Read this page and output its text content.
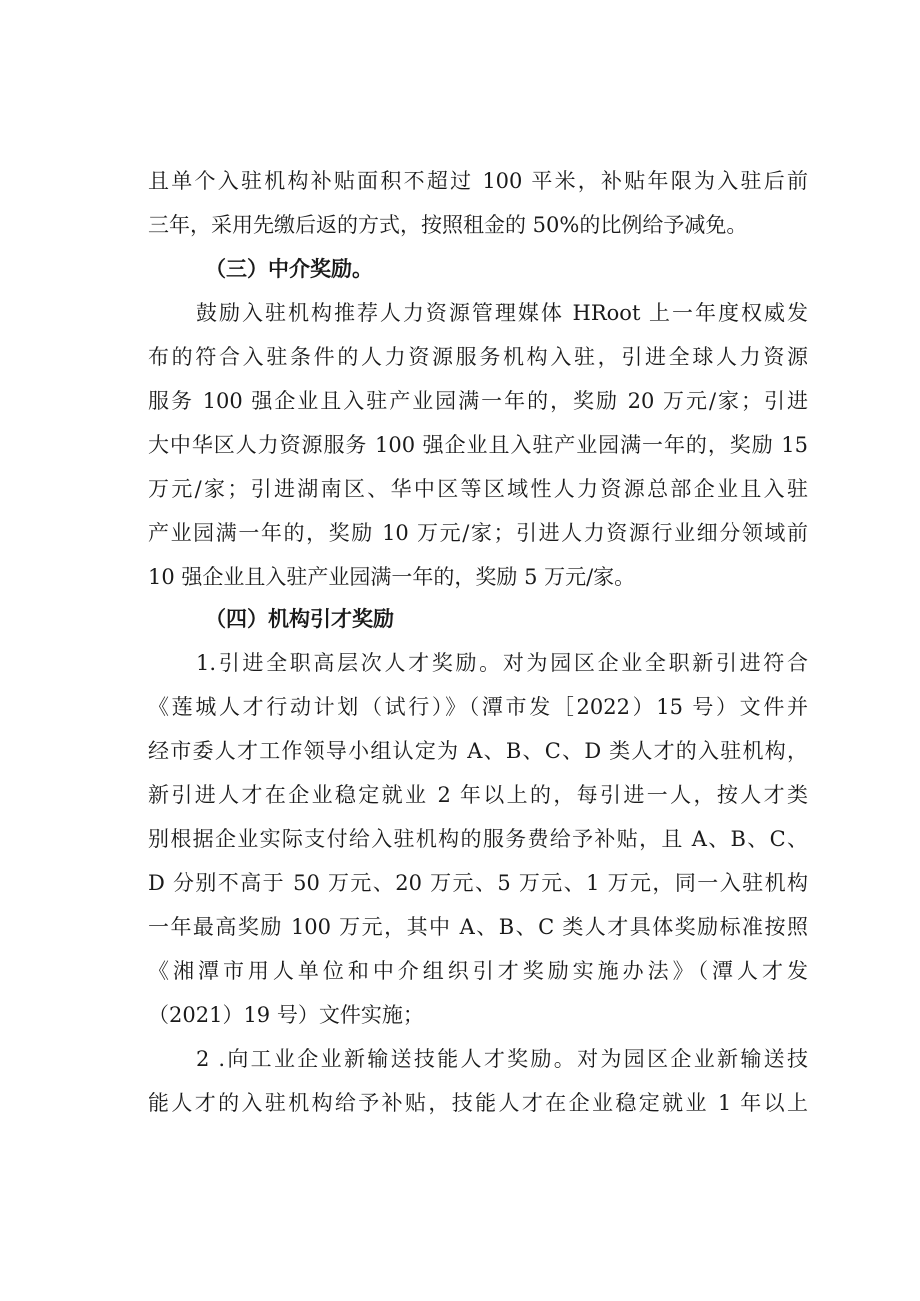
且单个入驻机构补贴面积不超过 100 平米，补贴年限为入驻后前
三年，采用先缴后返的方式，按照租金的 50%的比例给予减免。
（三）中介奖励。
鼓励入驻机构推荐人力资源管理媒体 HRoot 上一年度权威发
布的符合入驻条件的人力资源服务机构入驻，引进全球人力资源
服务 100 强企业且入驻产业园满一年的，奖励 20 万元/家；引进
大中华区人力资源服务 100 强企业且入驻产业园满一年的，奖励 15
万元/家；引进湖南区、华中区等区域性人力资源总部企业且入驻
产业园满一年的，奖励 10 万元/家；引进人力资源行业细分领域前
10 强企业且入驻产业园满一年的，奖励 5 万元/家。
（四）机构引才奖励
1.引进全职高层次人才奖励。对为园区企业全职新引进符合
《莲城人才行动计划（试行）》（潭市发［2022）15 号）文件并
经市委人才工作领导小组认定为 A、B、C、D 类人才的入驻机构，
新引进人才在企业稳定就业 2 年以上的，每引进一人，按人才类
别根据企业实际支付给入驻机构的服务费给予补贴，且 A、B、C、
D 分别不高于 50 万元、20 万元、5 万元、1 万元，同一入驻机构
一年最高奖励 100 万元，其中 A、B、C 类人才具体奖励标准按照
《湘潭市用人单位和中介组织引才奖励实施办法》（潭人才发
（2021）19 号）文件实施；
2 .向工业企业新输送技能人才奖励。对为园区企业新输送技
能人才的入驻机构给予补贴，技能人才在企业稳定就业 1 年以上
